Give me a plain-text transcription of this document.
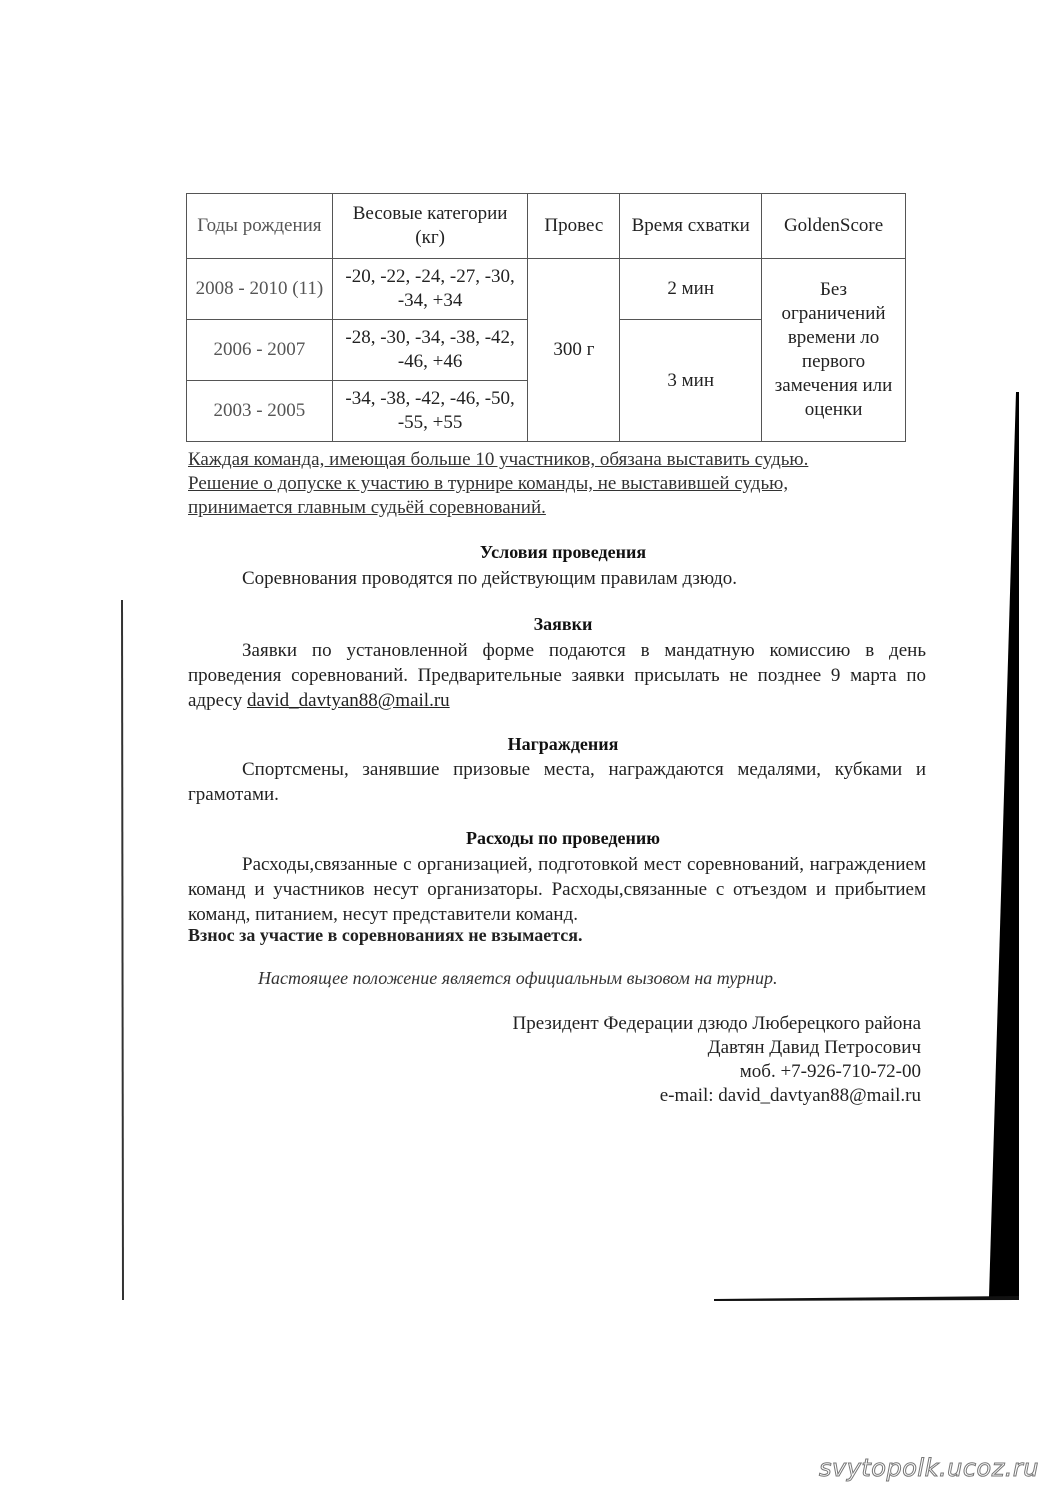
Годы рождения	Весовые категории (кг)	Провес	Время схватки	GoldenScore
2008 - 2010 (11)	-20, -22, -24, -27, -30, -34, +34	300 г	2 мин	Без ограничений времени ло первого замечения или оценки
2006 - 2007	-28, -30, -34, -38, -42, -46, +46		3 мин	
2003 - 2005	-34, -38, -42, -46, -50, -55, +55			
Каждая команда, имеющая больше 10 участников, обязана выставить судью.
Решение о допуске к участию в турнире команды, не выставившей судью,
принимается главным судьёй соревнований.
Условия проведения
Соревнования проводятся по действующим правилам дзюдо.
Заявки
Заявки по установленной форме подаются в мандатную комиссию в день проведения соревнований. Предварительные заявки присылать не позднее 9 марта по адресу david_davtyan88@mail.ru
Награждения
Спортсмены, занявшие призовые места, награждаются медалями, кубками и грамотами.
Расходы по проведению
Расходы,связанные с организацией, подготовкой мест соревнований, награждением команд и участников несут организаторы. Расходы,связанные с отъездом и прибытием команд, питанием, несут представители команд.
Взнос за участие в соревнованиях не взымается.
Настоящее положение является официальным вызовом на турнир.
Президент Федерации дзюдо Люберецкого района
Давтян Давид Петросович
моб. +7-926-710-72-00
e-mail: david_davtyan88@mail.ru
svytopolk.ucoz.ru
